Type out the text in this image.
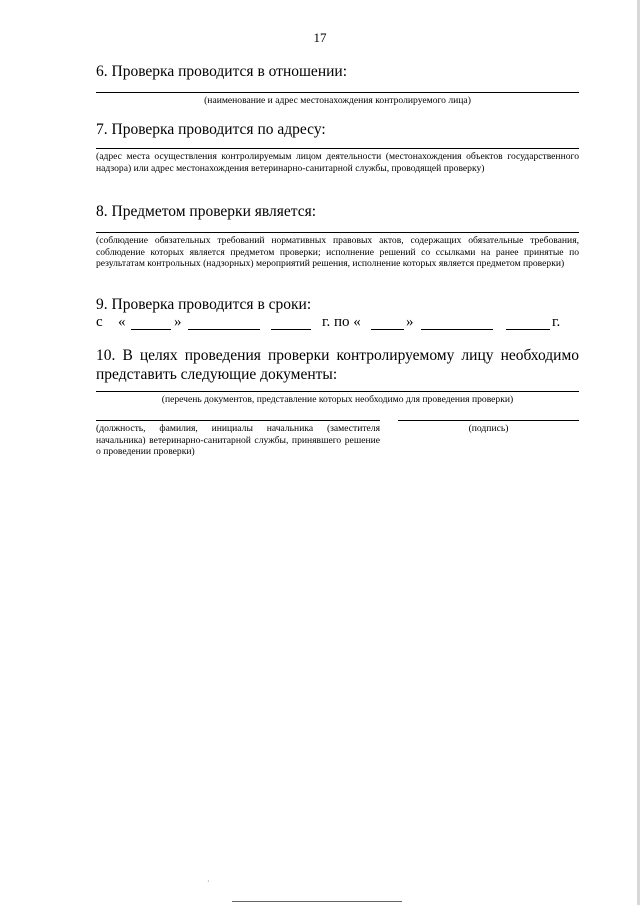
17
6. Проверка проводится в отношении:
(наименование и адрес местонахождения контролируемого лица)
7. Проверка проводится по адресу:
(адрес места осуществления контролируемым лицом деятельности (местонахождения объектов государственного надзора) или адрес местонахождения ветеринарно-санитарной службы, проводящей проверку)
8. Предметом проверки является:
(соблюдение обязательных требований нормативных правовых актов, содержащих обязательные требования, соблюдение которых является предметом проверки; исполнение решений со ссылками на ранее принятые по результатам контрольных (надзорных) мероприятий решения, исполнение которых является предметом проверки)
9. Проверка проводится в сроки:
с «	»	г. по «	»	г.
10. В целях проведения проверки контролируемому лицу необходимо представить следующие документы:
(перечень документов, представление которых необходимо для проведения проверки)
(должность, фамилия, инициалы начальника (заместителя начальника) ветеринарно-санитарной службы, принявшего решение о проведении проверки)
(подпись)
·
